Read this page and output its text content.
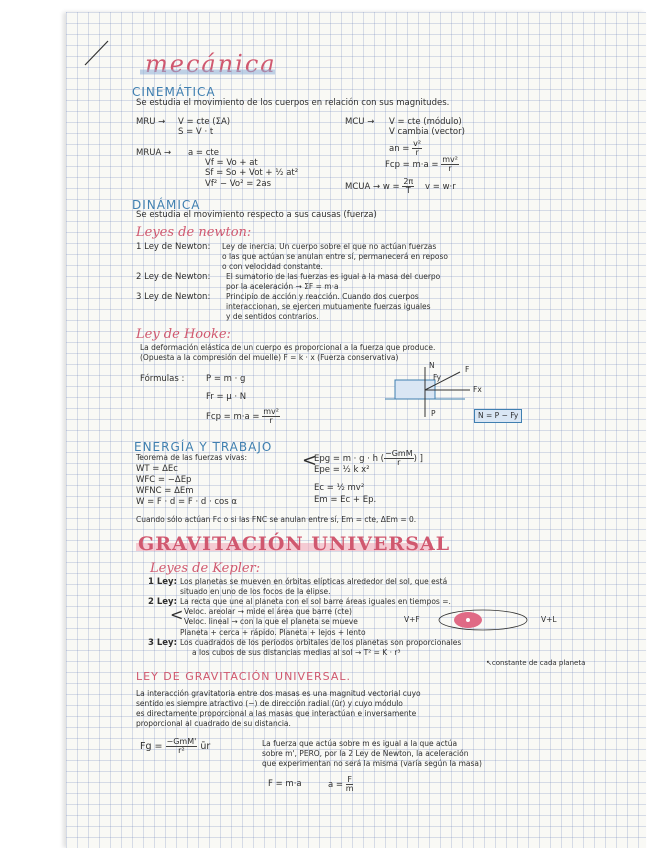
mecánica
CINEMÁTICA
Se estudia el movimiento de los cuerpos en relación con sus magnitudes.
MRU → V = cte (ΣA)
S = V · t
MRUA → a = cte
Vf = Vo + at
Sf = So + Vot + ½ at²
Vf² − Vo² = 2as
MCU → V = cte (módulo)
V cambia (vector)
an = $\frac{\text{v²}}{r}$
Fcp = $m\cdot a = \frac{\text{mv²}}{r}$
MCUA → $w = \frac{2\pi}{T}$ v = w·r
DINÁMICA
Se estudia el movimiento respecto a sus causas (fuerza)
Leyes de newton:
1 Ley de Newton: Ley de inercia. Un cuerpo sobre el que no actúan fuerzas
o las que actúan se anulan entre sí, permanecerá en reposo
o con velocidad constante.
2 Ley de Newton: El sumatorio de las fuerzas es igual a la masa del cuerpo
por la aceleración → ΣF = m·a
3 Ley de Newton: Principio de acción y reacción. Cuando dos cuerpos
interaccionan, se ejercen mutuamente fuerzas iguales
y de sentidos contrarios.
Ley de Hooke:
La deformación elástica de un cuerpo es proporcional a la fuerza que produce.
(Opuesta a la compresión del muelle) F = k · x (Fuerza conservativa)
Fórmulas :	P = m · g
Fr = μ · N
Fcp = $m\cdot a = \frac{\text{mv²}}{r}$
N
Fy
F
Fx
P	N = P − Fy
ENERGÍA Y TRABAJO
Teorema de las fuerzas vivas:
WT = ΔEc
WFC = −ΔEp
WFNC = ΔEm
W = F · d = F · d · cos α
<
Epg = m · g · h ( $\frac{\text{−GmM}}{r}$ ) ]
Epe = ½ k x²
Ec = ½ mv²
Em = Ec + Ep.
Cuando sólo actúan Fc o si las FNC se anulan entre sí, Em = cte, ΔEm = 0.
GRAVITACIÓN UNIVERSAL
Leyes de Kepler:
1 Ley: Los planetas se mueven en órbitas elípticas alrededor del sol, que está
situado en uno de los focos de la elipse.
2 Ley: La recta que une al planeta con el sol barre áreas iguales en tiempos =.
< Veloc. areolar → mide el área que barre (cte)
Veloc. lineal → con la que el planeta se mueve
Planeta + cerca + rápido. Planeta + lejos + lento
V+F	V+L
3 Ley: Los cuadrados de los periodos orbitales de los planetas son proporcionales
a los cubos de sus distancias medias al sol → T² = K · r³
↖constante de cada planeta
LEY DE GRAVITACIÓN UNIVERSAL.
La interacción gravitatoria entre dos masas es una magnitud vectorial cuyo
sentido es siempre atractivo (−) de dirección radial (ūr) y cuyo módulo
es directamente proporcional a las masas que interactúan e inversamente
proporcional al cuadrado de su distancia.
$Fg = \frac{\text{−GmM'}}{\text{r²}}$ ūr	La fuerza que actúa sobre m es igual a la que actúa
sobre m', PERO, por la 2 Ley de Newton, la aceleración
que experimentan no será la misma (varía según la masa)
F = m·a	$a = \frac{F}{m}$
